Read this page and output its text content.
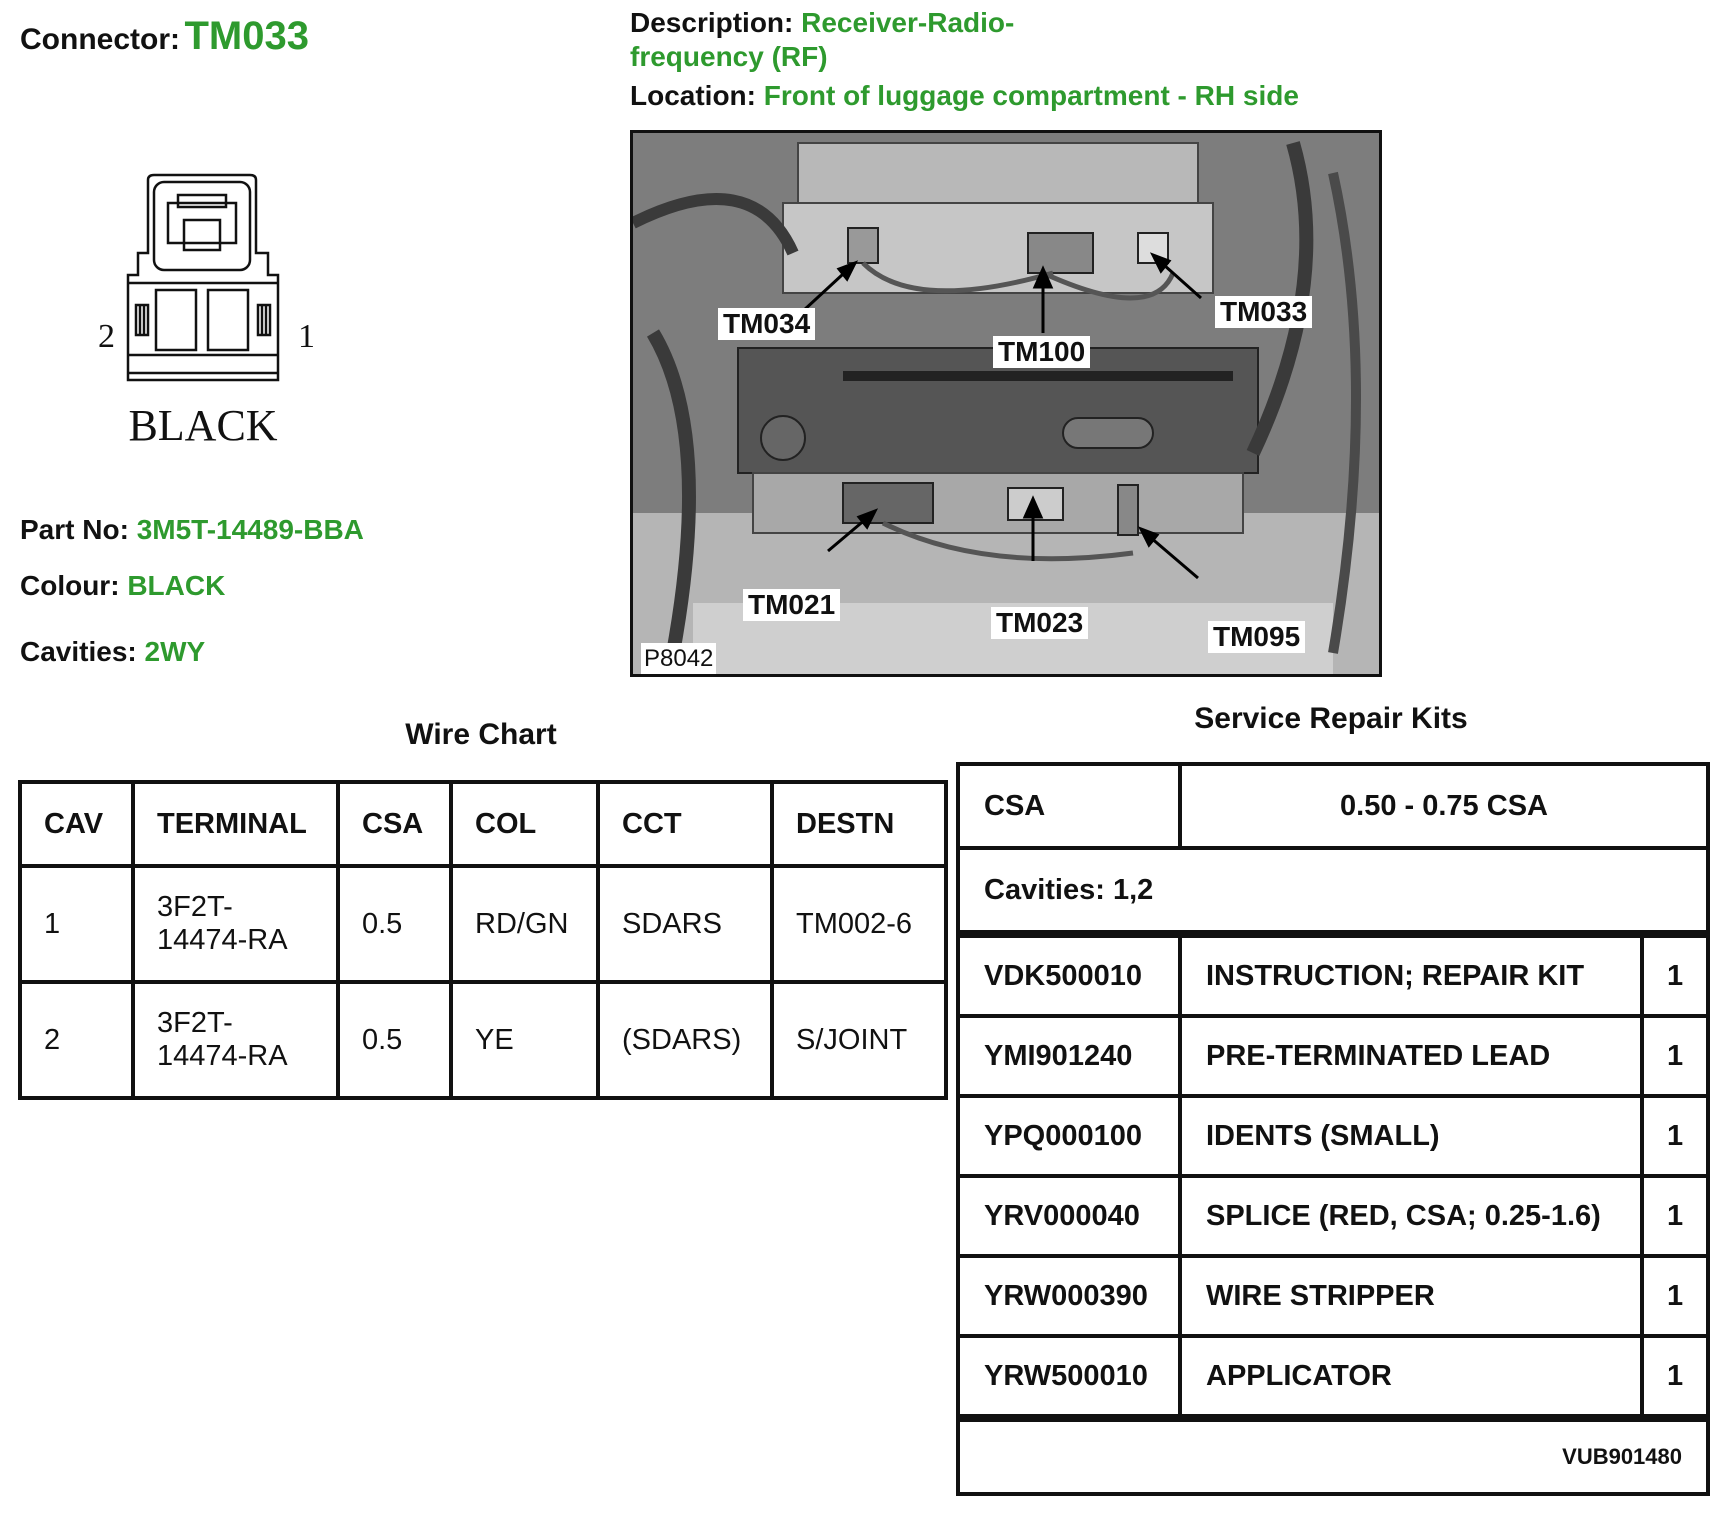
Connector: TM033	Description: Receiver-Radio-
frequency (RF)
Location: Front of luggage compartment - RH side
2	1
BLACK
Part No: 3M5T-14489-BBA
Colour: BLACK
Cavities: 2WY
TM034
TM100
TM033
TM021
TM023	TM095
P8042
Wire Chart
CAV	TERMINAL	CSA	COL	CCT	DESTN
1	3F2T-14474-RA	0.5	RD/GN	SDARS	TM002-6
2	3F2T-14474-RA	0.5	YE	(SDARS)	S/JOINT
Service Repair Kits
CSA	0.50 - 0.75 CSA	
Cavities: 1,2		
VDK500010	INSTRUCTION; REPAIR KIT	1
YMI901240	PRE-TERMINATED LEAD	1
YPQ000100	IDENTS (SMALL)	1
YRV000040	SPLICE (RED, CSA; 0.25-1.6)	1
YRW000390	WIRE STRIPPER	1
YRW500010	APPLICATOR	1
VUB901480		
